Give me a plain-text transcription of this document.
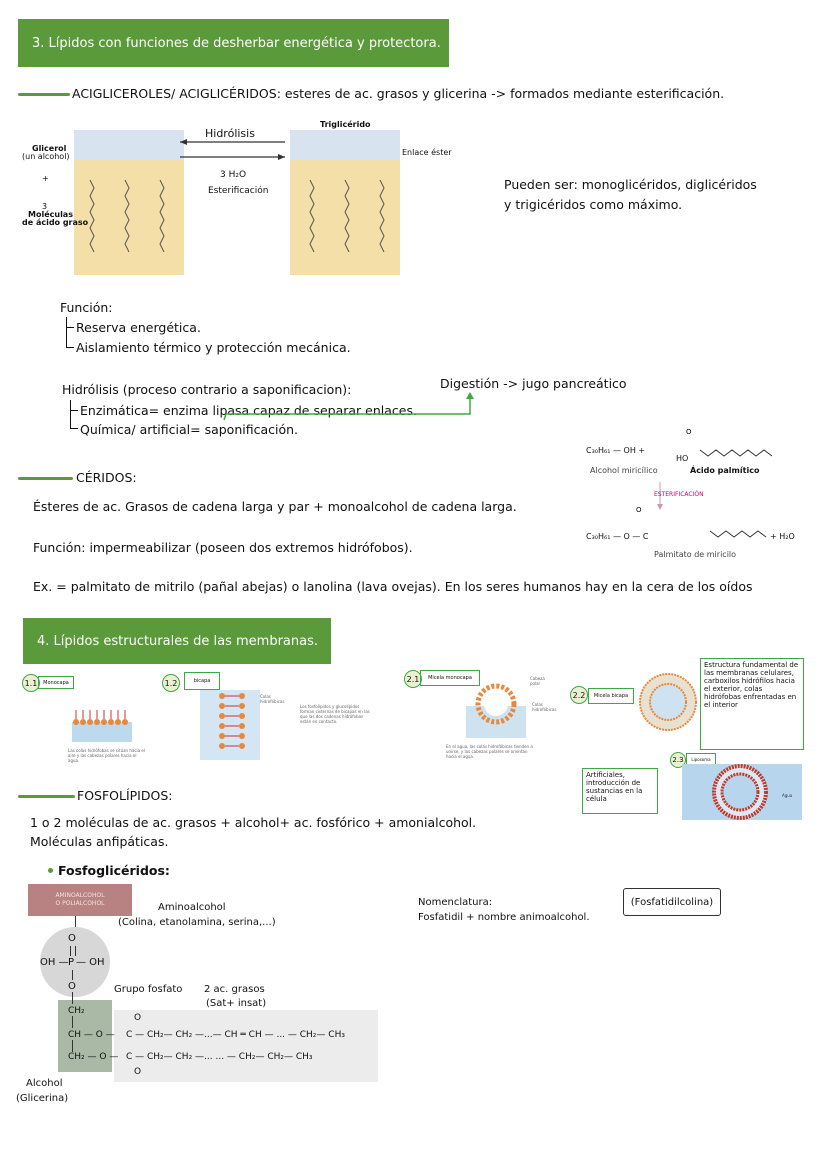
3. Lípidos con funciones de desherbar energética y protectora.
ACIGLICEROLES/ ACIGLICÉRIDOS: esteres de ac. grasos y glicerina -> formados mediante esterificación.
Triglicérido
Glicerol
(un alcohol)
+
3
Moléculas
de ácido graso
Hidrólisis
3 H₂O
Esterificación
Enlace éster
Pueden ser: monoglicéridos, diglicéridos
y trigicéridos como máximo.
Función:
Reserva energética.
Aislamiento térmico y protección mecánica.
Hidrólisis (proceso contrario a saponificacion):
Enzimática= enzima lipasa capaz de separar enlaces.
Química/ artificial= saponificación.
Digestión -> jugo pancreático
CÉRIDOS:
Ésteres de ac. Grasos de cadena larga y par + monoalcohol de cadena larga.
Función: impermeabilizar (poseen dos extremos hidrófobos).
Ex. = palmitato de mitrilo (pañal abejas) o lanolina (lava ovejas). En los seres humanos hay en la cera de los oídos
O
O
C₃₀H₆₁ — OH +
HO
Alcohol miricílico	Ácido palmítico
ESTERIFICACIÓN
C₃₀H₆₁ — O — C	+ H₂O
Palmitato de miricilo
4. Lípidos estructurales de las membranas.
1.1 Monocapa
Las colas hidrófobas se sitúan hacia el aire y las cabezas polares hacia el agua.
1.2	bicapa
Colas hidrofóbicas
Los fosfolípidos y glucolípidos forman cisternas de bicapas en las que las dos cadenas hidrófobas están en contacto.
2.1 Micela monocapa	Cabeza polar
Colas hidrofóbicas
En el agua, las colas hidrofóbicas tienden a unirse, y las cabezas polares se orientan hacia el agua.
2.2 Micela bicapa
Estructura fundamental de las membranas celulares, carboxilos hidrófilos hacia el exterior, colas hidrófobas enfrentadas en el interior
2.3 Liposoma
Agua
Artificiales, introducción de sustancias en la célula
FOSFOLÍPIDOS:
1 o 2 moléculas de ac. grasos + alcohol+ ac. fosfórico + amonialcohol.
Moléculas anfipáticas.
Fosfoglicéridos:
AMINOALCOHOL
O POLIALCOHOL
O
OH — P — OH
O
CH₂
CH — O —
CH₂ — O —
O
C — CH₂— CH₂ —...— CH ═ CH — ... — CH₂— CH₃
C — CH₂— CH₂ —... ... — CH₂— CH₂— CH₃
O
Aminoalcohol
(Colina, etanolamina, serina,...)
Grupo fosfato 2 ac. grasos
(Sat+ insat)
Alcohol
(Glicerina)
Nomenclatura:
Fosfatidil + nombre animoalcohol.
(Fosfatidilcolina)
